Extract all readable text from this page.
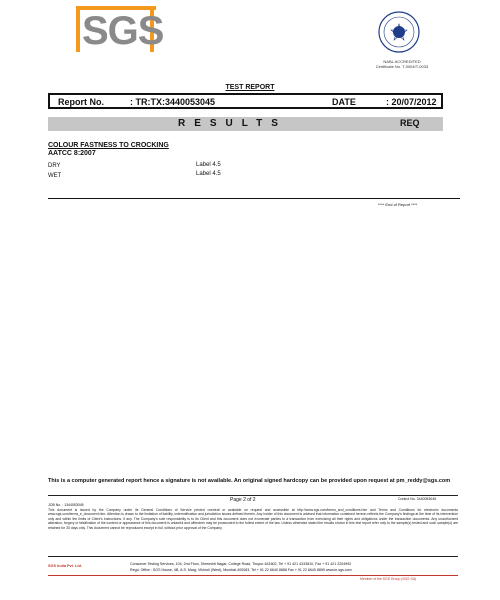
SGS
NABL ACCREDITED
Certificate No. T-0004/T-0033
TEST REPORT
Report No.	: TR:TX:3440053045	DATE	: 20/07/2012
RESULTS	REQ
COLOUR FASTNESS TO CROCKING
AATCC 8:2007
DRY	Label 4.5
WET	Label 4.5
**** End of Report ****
This is a computer generated report hence a signature is not available. An original signed hardcopy can be provided upon request at pm_reddy@sgs.com
Page 2 of 2	Control No. 3440053045
JOB No. : 1344053045
This document is issued by the Company under its General Conditions of Service printed overleaf or available on request and accessible at http://www.sgs.com/terms_and_conditions.htm and Terms and Conditions for electronic documents www.sgs.com/terms_e_document.htm. Attention is drawn to the limitation of liability, indemnification and jurisdiction issues defined therein. Any holder of this document is advised that information contained hereon reflects the Company's findings at the time of its intervention only and within the limits of Client's instructions, if any. The Company's sole responsibility is to its Client and this document does not exonerate parties to a transaction from exercising all their rights and obligations under the transaction documents. Any unauthorized alteration, forgery or falsification of the content or appearance of this document is unlawful and offenders may be prosecuted to the fullest extent of the law. Unless otherwise stated the results shown in this test report refer only to the sample(s) tested and such sample(s) are retained for 30 days only. This document cannot be reproduced except in full, without prior approval of the Company.
SGS India Pvt. Ltd.	Consumer Testing Services, 104, 2nd Floor, Shreeshti Nagar, College Road, Tirupur-641602, Tel + 91 421 4333810, Fax + 91 421 2204992
Regd. Office : SGS House, 4B, A.S. Marg, Vikhroli (West), Mumbai-400083, Tel + 91 22 6640 8888 Fax + 91 22 6640 8899 www.in.sgs.com
Member of the SGS Group (SGS SA)
